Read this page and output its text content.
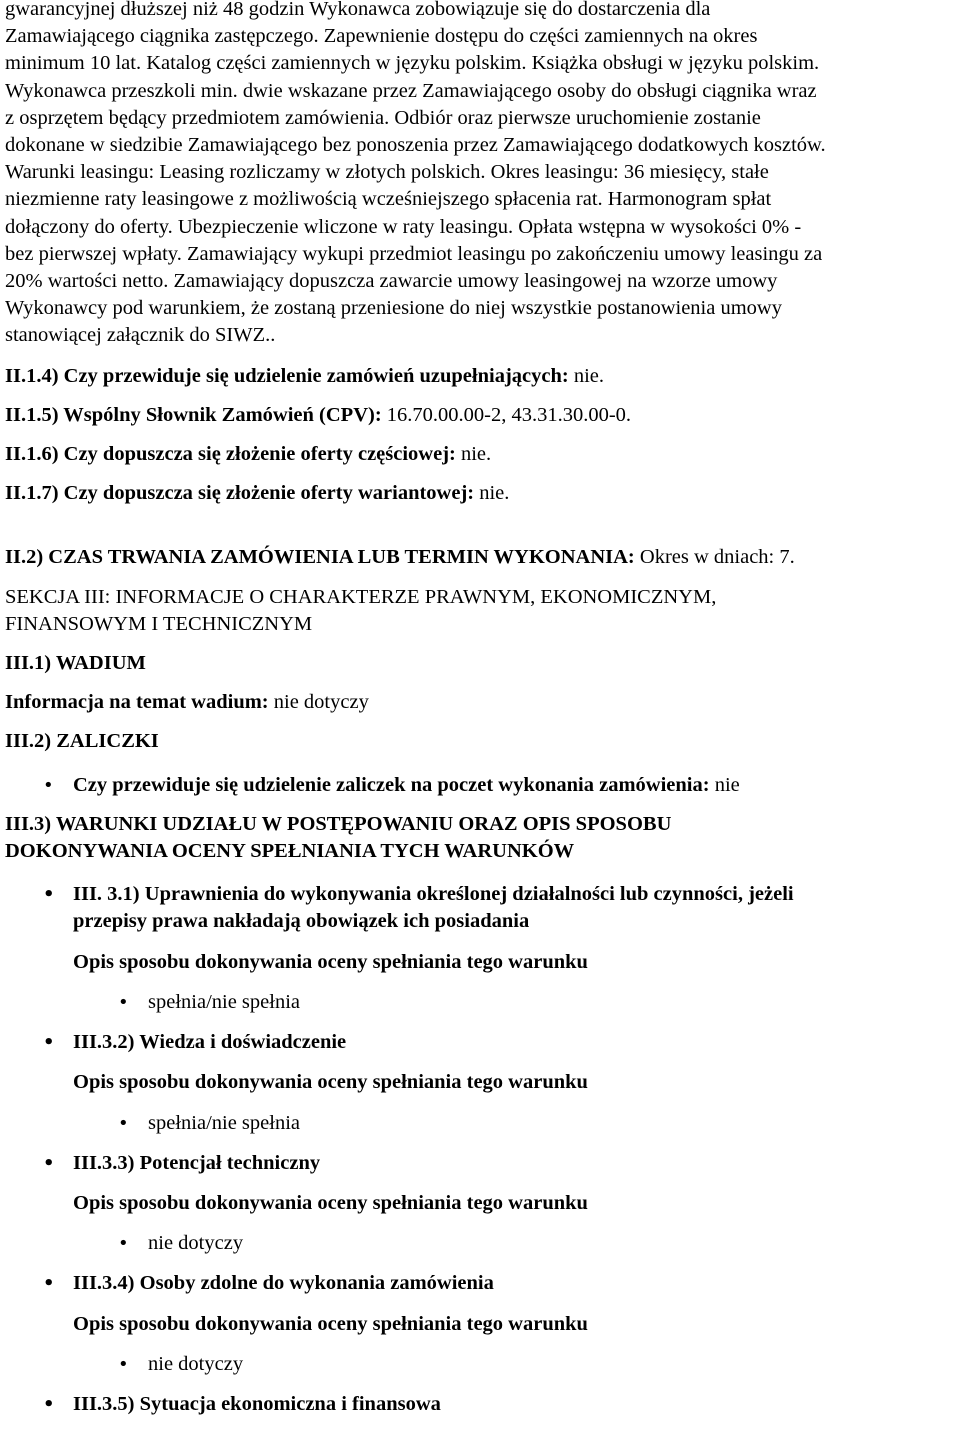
gwarancyjnej dłuższej niż 48 godzin Wykonawca zobowiązuje się do dostarczenia dla
Zamawiającego ciągnika zastępczego. Zapewnienie dostępu do części zamiennych na okres
minimum 10 lat. Katalog części zamiennych w języku polskim. Książka obsługi w języku polskim.
Wykonawca przeszkoli min. dwie wskazane przez Zamawiającego osoby do obsługi ciągnika wraz
z osprzętem będący przedmiotem zamówienia. Odbiór oraz pierwsze uruchomienie zostanie
dokonane w siedzibie Zamawiającego bez ponoszenia przez Zamawiającego dodatkowych kosztów.
Warunki leasingu: Leasing rozliczamy w złotych polskich. Okres leasingu: 36 miesięcy, stałe
niezmienne raty leasingowe z możliwością wcześniejszego spłacenia rat. Harmonogram spłat
dołączony do oferty. Ubezpieczenie wliczone w raty leasingu. Opłata wstępna w wysokości 0% -
bez pierwszej wpłaty. Zamawiający wykupi przedmiot leasingu po zakończeniu umowy leasingu za
20% wartości netto. Zamawiający dopuszcza zawarcie umowy leasingowej na wzorze umowy
Wykonawcy pod warunkiem, że zostaną przeniesione do niej wszystkie postanowienia umowy
stanowiącej załącznik do SIWZ..
II.1.4) Czy przewiduje się udzielenie zamówień uzupełniających: nie.
II.1.5) Wspólny Słownik Zamówień (CPV): 16.70.00.00-2, 43.31.30.00-0.
II.1.6) Czy dopuszcza się złożenie oferty częściowej: nie.
II.1.7) Czy dopuszcza się złożenie oferty wariantowej: nie.
II.2) CZAS TRWANIA ZAMÓWIENIA LUB TERMIN WYKONANIA: Okres w dniach: 7.
SEKCJA III: INFORMACJE O CHARAKTERZE PRAWNYM, EKONOMICZNYM,
FINANSOWYM I TECHNICZNYM
III.1) WADIUM
Informacja na temat wadium: nie dotyczy
III.2) ZALICZKI
• Czy przewiduje się udzielenie zaliczek na poczet wykonania zamówienia: nie
III.3) WARUNKI UDZIAŁU W POSTĘPOWANIU ORAZ OPIS SPOSOBU
DOKONYWANIA OCENY SPEŁNIANIA TYCH WARUNKÓW
• III. 3.1) Uprawnienia do wykonywania określonej działalności lub czynności, jeżeli
przepisy prawa nakładają obowiązek ich posiadania
Opis sposobu dokonywania oceny spełniania tego warunku
• spełnia/nie spełnia
• III.3.2) Wiedza i doświadczenie
Opis sposobu dokonywania oceny spełniania tego warunku
• spełnia/nie spełnia
• III.3.3) Potencjał techniczny
Opis sposobu dokonywania oceny spełniania tego warunku
• nie dotyczy
• III.3.4) Osoby zdolne do wykonania zamówienia
Opis sposobu dokonywania oceny spełniania tego warunku
• nie dotyczy
• III.3.5) Sytuacja ekonomiczna i finansowa
